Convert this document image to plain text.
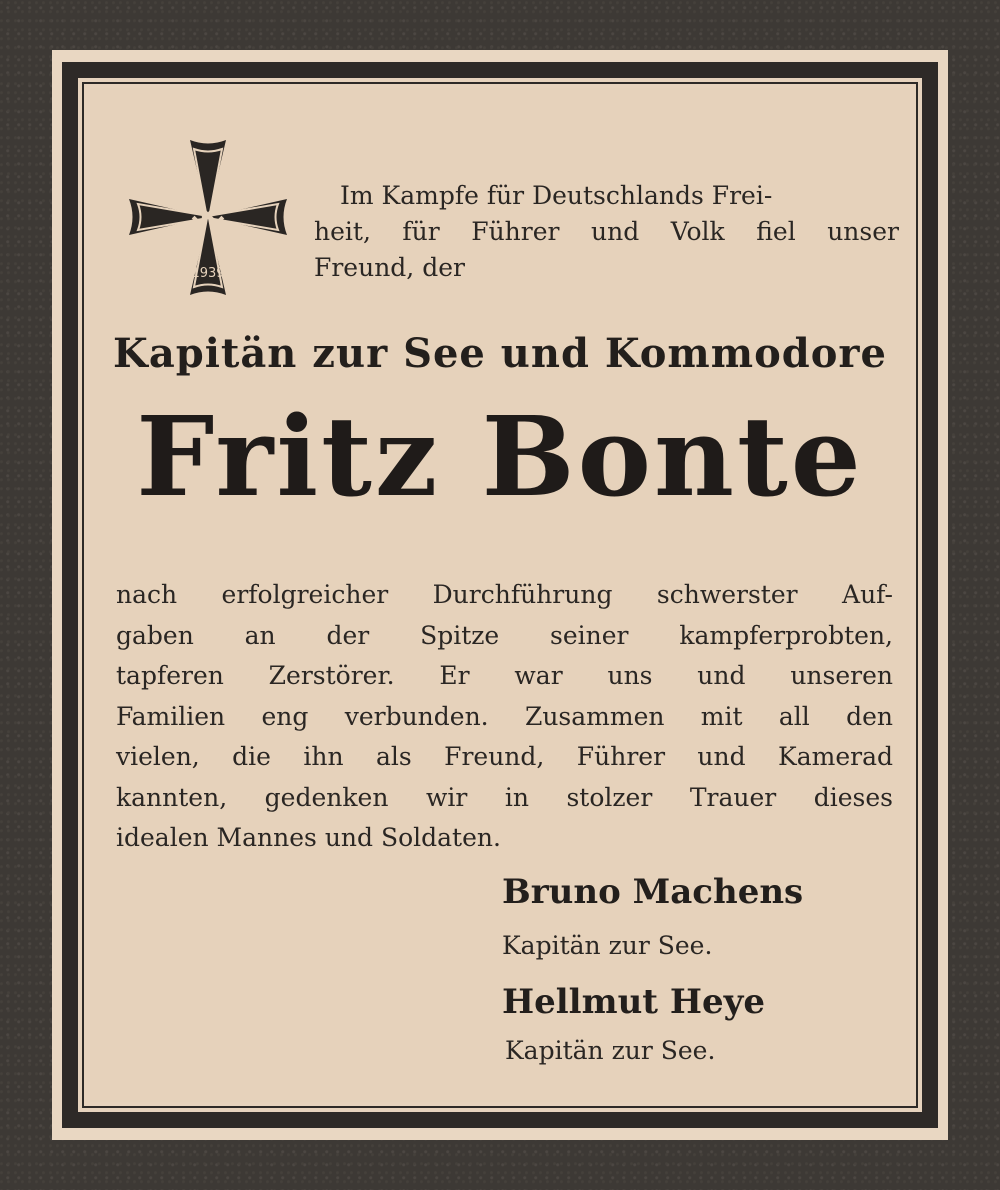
1939
Im Kampfe für Deutschlands Frei-
heit, für Führer und Volk fiel unser
Freund, der
Kapitän zur See und Kommodore
Fritz Bonte
nach erfolgreicher Durchführung schwerster Auf-
gaben an der Spitze seiner kampferprobten,
tapferen Zerstörer. Er war uns und unseren
Familien eng verbunden. Zusammen mit all den
vielen, die ihn als Freund, Führer und Kamerad
kannten, gedenken wir in stolzer Trauer dieses
idealen Mannes und Soldaten.
Bruno Machens
Kapitän zur See.
Hellmut Heye
Kapitän zur See.
